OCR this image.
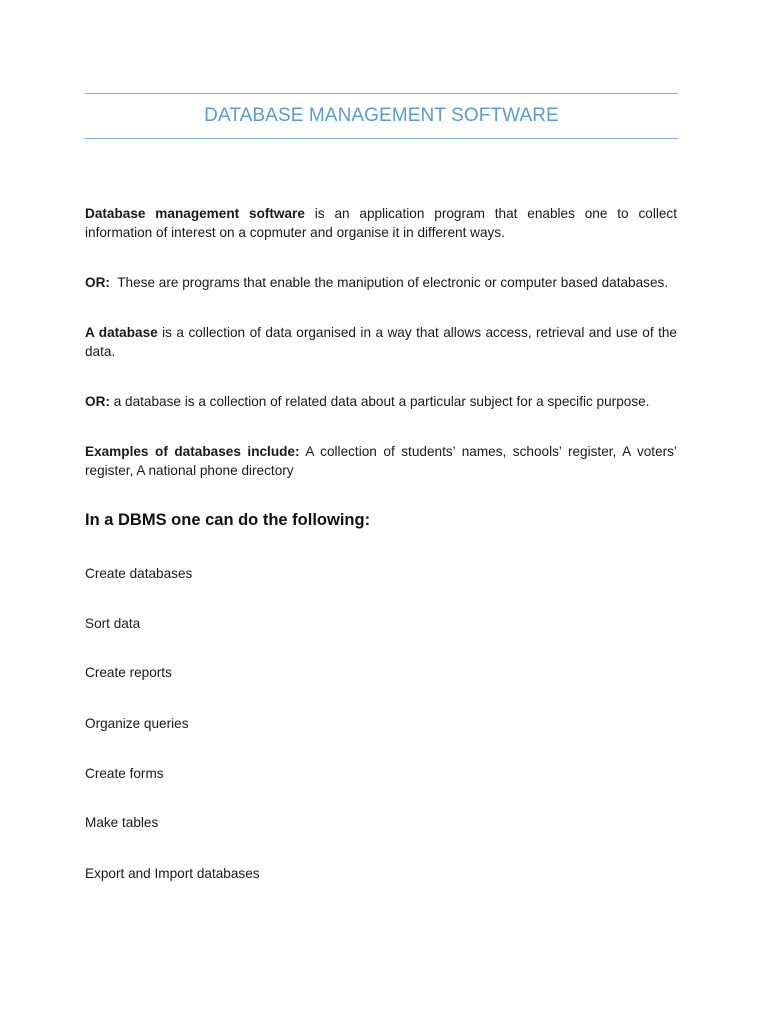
DATABASE MANAGEMENT SOFTWARE
Database management software is an application program that enables one to collect information of interest on a copmuter and organise it in different ways.
OR:  These are programs that enable the manipution of electronic or computer based databases.
A database is a collection of data organised in a way that allows access, retrieval and use of the data.
OR: a database is a collection of related data about a particular subject for a specific purpose.
Examples of databases include: A collection of students’ names, schools’ register, A voters’ register, A national phone directory
In a DBMS one can do the following:
Create databases
Sort data
Create reports
Organize queries
Create forms
Make tables
Export and Import databases
